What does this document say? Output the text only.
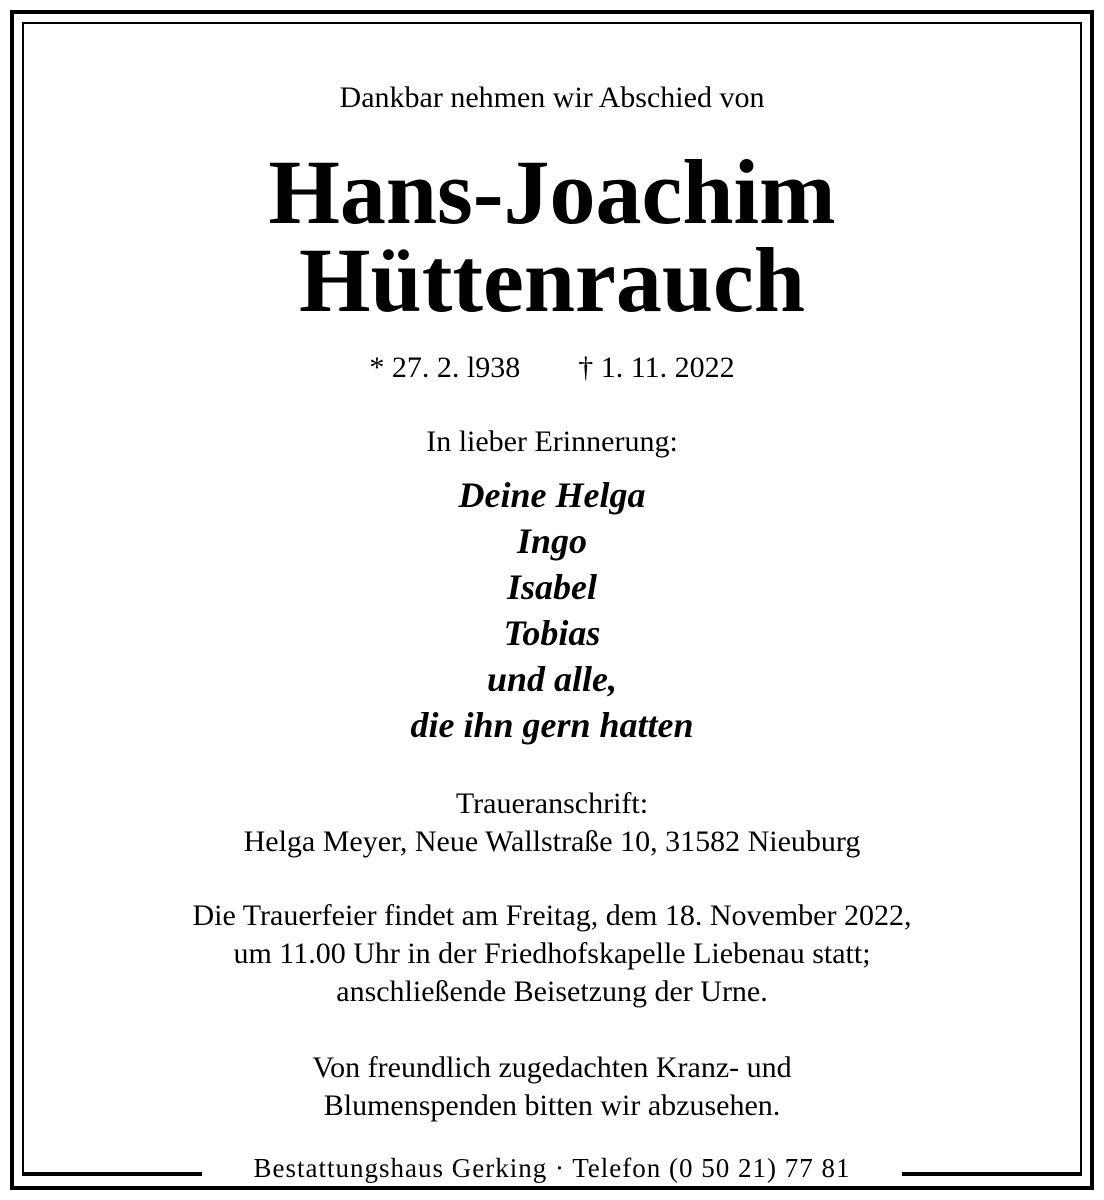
Dankbar nehmen wir Abschied von
Hans-Joachim
Hüttenrauch
* 27. 2. l938 † 1. 11. 2022
In lieber Erinnerung:
Deine Helga
Ingo
Isabel
Tobias
und alle,
die ihn gern hatten
Traueranschrift:
Helga Meyer, Neue Wallstraße 10, 31582 Nieuburg
Die Trauerfeier findet am Freitag, dem 18. November 2022,
um 11.00 Uhr in der Friedhofskapelle Liebenau statt;
anschließende Beisetzung der Urne.
Von freundlich zugedachten Kranz- und
Blumenspenden bitten wir abzusehen.
Bestattungshaus Gerking · Telefon (0 50 21) 77 81
